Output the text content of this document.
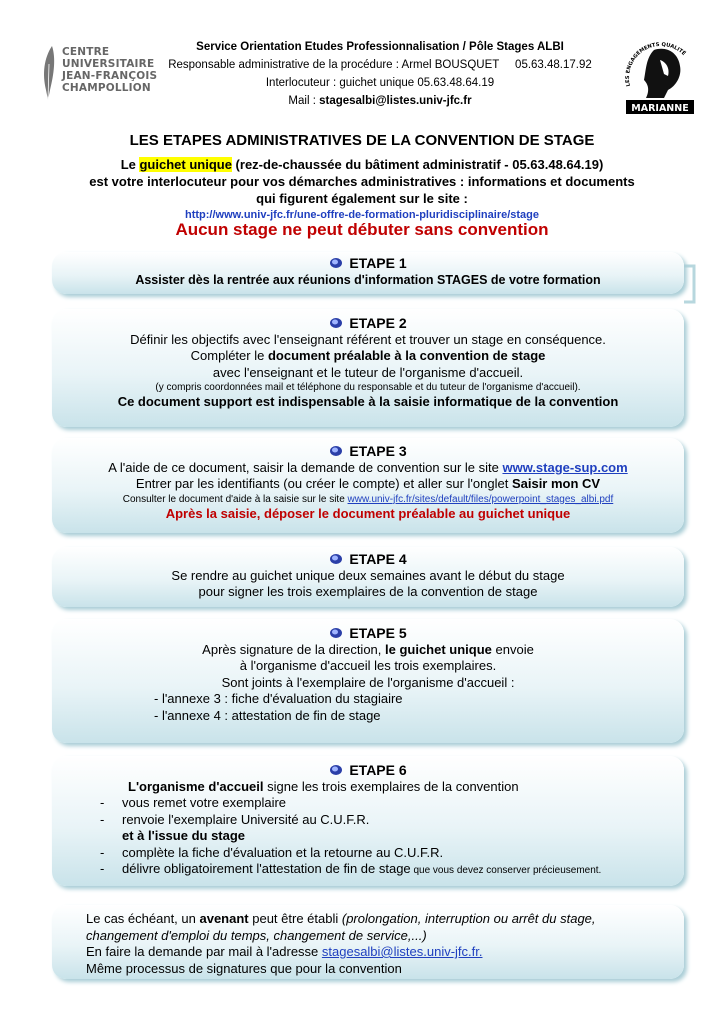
CENTRE
UNIVERSITAIRE
JEAN-FRANÇOIS
CHAMPOLLION
Service Orientation Etudes Professionnalisation / Pôle Stages ALBI
Responsable administrative de la procédure : Armel BOUSQUET     05.63.48.17.92
Interlocuteur : guichet unique 05.63.48.64.19
Mail : stagesalbi@listes.univ-jfc.fr
LES ENGAGEMENTS QUALITÉ
MARIANNE
LES ETAPES ADMINISTRATIVES DE LA CONVENTION DE STAGE
Le guichet unique (rez-de-chaussée du bâtiment administratif - 05.63.48.64.19)
est votre interlocuteur pour vos démarches administratives : informations et documents
qui figurent également sur le site :
http://www.univ-jfc.fr/une-offre-de-formation-pluridisciplinaire/stage
Aucun stage ne peut débuter sans convention
ETAPE 1
Assister dès la rentrée aux réunions d'information STAGES de votre formation
ETAPE 2
Définir les objectifs avec l'enseignant référent et trouver un stage en conséquence.
Compléter le document préalable à la convention de stage
avec l'enseignant et le tuteur de l'organisme d'accueil.
(y compris coordonnées mail et téléphone du responsable et du tuteur de l'organisme d'accueil).
Ce document support est indispensable à la saisie informatique de la convention
ETAPE 3
A l'aide de ce document, saisir la demande de convention sur le site www.stage-sup.com
Entrer par les identifiants (ou créer le compte) et aller sur l'onglet Saisir mon CV
Consulter le document d'aide à la saisie sur le site www.univ-jfc.fr/sites/default/files/powerpoint_stages_albi.pdf
Après la saisie, déposer le document préalable au guichet unique
ETAPE 4
Se rendre au guichet unique deux semaines avant le début du stage
pour signer les trois exemplaires de la convention de stage
ETAPE 5
Après signature de la direction, le guichet unique envoie
à l'organisme d'accueil les trois exemplaires.
Sont joints à l'exemplaire de l'organisme d'accueil :
- l'annexe 3 : fiche d'évaluation du stagiaire
- l'annexe 4 : attestation de fin de stage
ETAPE 6
L'organisme d'accueil signe les trois exemplaires de la convention
- vous remet votre exemplaire
- renvoie l'exemplaire Université au C.U.F.R.
et à l'issue du stage
- complète la fiche d'évaluation et la retourne au C.U.F.R.
- délivre obligatoirement l'attestation de fin de stage que vous devez conserver précieusement.
Le cas échéant, un avenant peut être établi (prolongation, interruption ou arrêt du stage,
changement d'emploi du temps, changement de service,...)
En faire la demande par mail à l'adresse stagesalbi@listes.univ-jfc.fr.
Même processus de signatures que pour la convention
